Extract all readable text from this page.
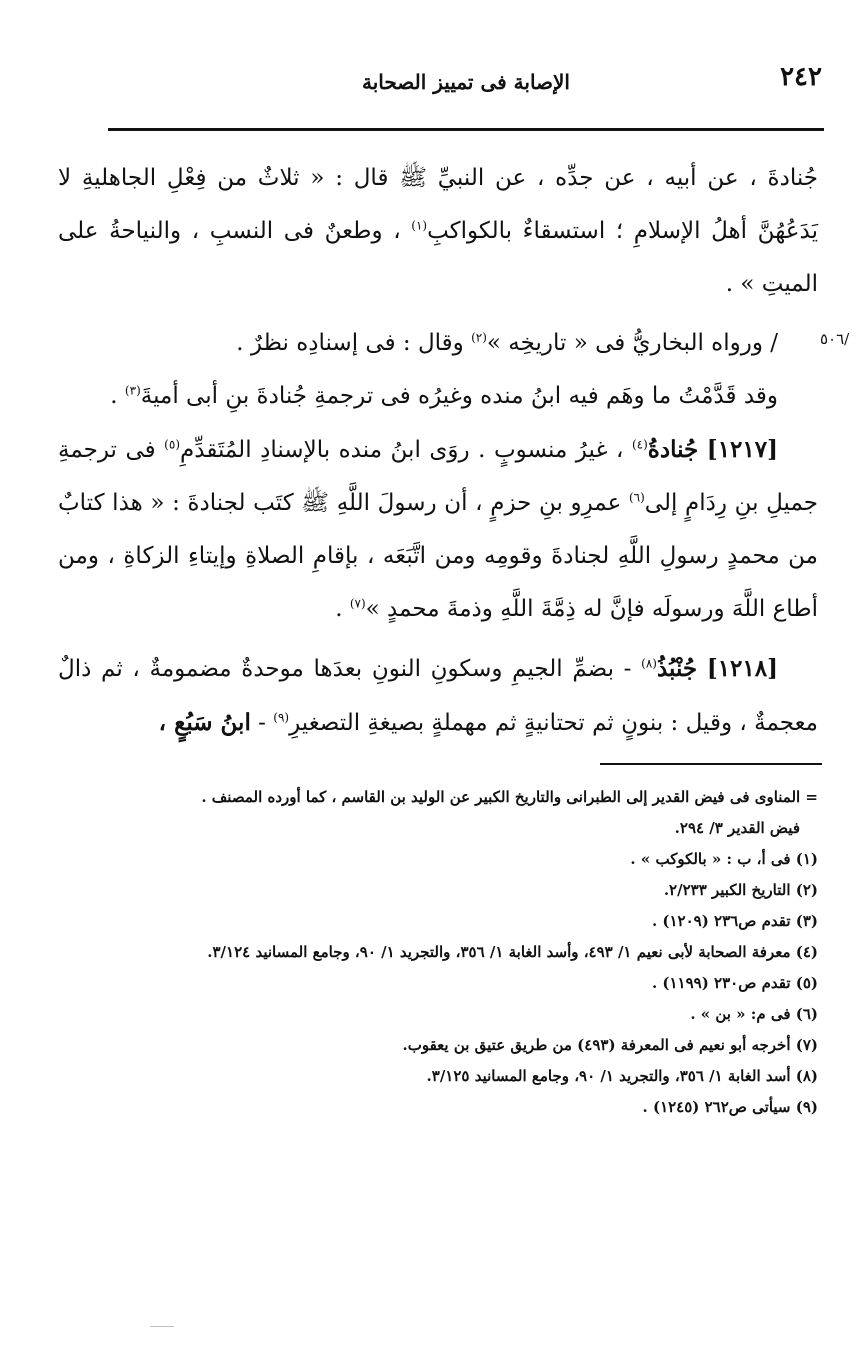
٢٤٢
الإصابة فى تمييز الصحابة
٥٠٦/

جُنادةَ ، عن أبيه ، عن جدِّه ، عن النبيِّ ﷺ قال : « ثلاثٌ من فِعْلِ الجاهليةِ لا يَدَعُهُنَّ أهلُ الإسلامِ ؛ استسقاءٌ بالكواكبِ$^{(١)}$ ، وطعنٌ فى النسبِ ، والنياحةُ على الميتِ » .

/ ورواه البخاريُّ فى « تاريخِه »$^{(٢)}$ وقال : فى إسنادِه نظرٌ .

وقد قَدَّمْتُ ما وهَم فيه ابنُ منده وغيرُه فى ترجمةِ جُنادةَ بنِ أبى أميةَ$^{(٣)}$ .

[١٢١٧] جُنادةُ$^{(٤)}$ ، غيرُ منسوبٍ . روَى ابنُ منده بالإسنادِ المُتَقدِّمِ$^{(٥)}$ فى ترجمةِ جميلِ بنِ رِدَامٍ إلى$^{(٦)}$ عمرِو بنِ حزمٍ ، أن رسولَ اللَّهِ ﷺ كتَب لجنادةَ : « هذا كتابٌ من محمدٍ رسولِ اللَّهِ لجنادةَ وقومِه ومن اتَّبَعَه ، بإقامِ الصلاةِ وإيتاءِ الزكاةِ ، ومن أطاع اللَّهَ ورسولَه فإنَّ له ذِمَّةَ اللَّهِ وذمةَ محمدٍ »$^{(٧)}$ .

[١٢١٨] جُنْبُذُ$^{(٨)}$ - بضمِّ الجيمِ وسكونِ النونِ بعدَها موحدةٌ مضمومةٌ ، ثم ذالٌ معجمةٌ ، وقيل : بنونٍ ثم تحتانيةٍ ثم مهملةٍ بصيغةِ التصغيرِ$^{(٩)}$ - ابنُ سَبُعٍ ،

= المناوى فى فيض القدير إلى الطبرانى والتاريخ الكبير عن الوليد بن القاسم ، كما أورده المصنف .

فيض القدير ٣/ ٢٩٤.

(١) فى أ، ب : « بالكوكب » .

(٢) التاريخ الكبير ٢/٢٣٣.

(٣) تقدم ص٢٣٦ (١٢٠٩) .

(٤) معرفة الصحابة لأبى نعيم ١/ ٤٩٣، وأسد الغابة ١/ ٣٥٦، والتجريد ١/ ٩٠، وجامع المسانيد ٣/١٢٤.

(٥) تقدم ص٢٣٠ (١١٩٩) .

(٦) فى م: « بن » .

(٧) أخرجه أبو نعيم فى المعرفة (٤٩٣) من طريق عتيق بن يعقوب.

(٨) أسد الغابة ١/ ٣٥٦، والتجريد ١/ ٩٠، وجامع المسانيد ٣/١٢٥.

(٩) سيأتى ص٢٦٢ (١٢٤٥) .
